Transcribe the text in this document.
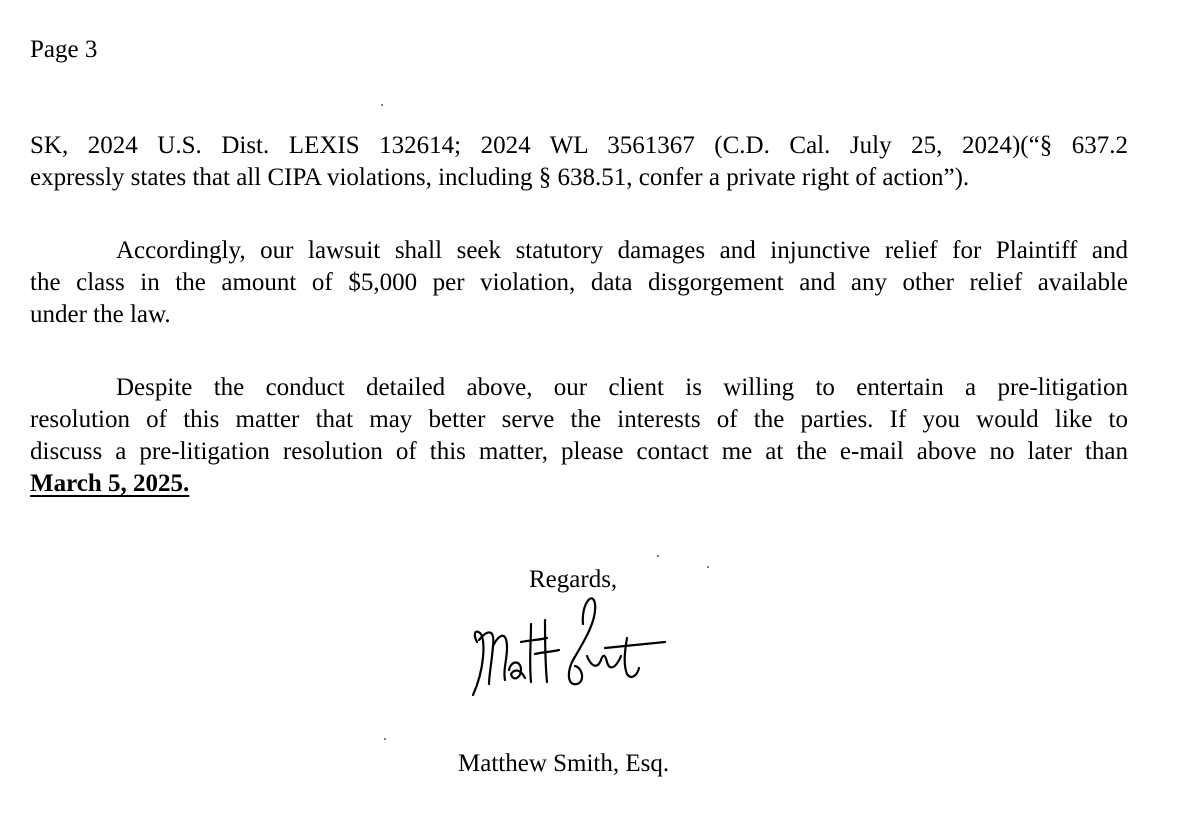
Page 3

SK, 2024 U.S. Dist. LEXIS 132614; 2024 WL 3561367 (C.D. Cal. July 25, 2024)(“§ 637.2
expressly states that all CIPA violations, including § 638.51, confer a private right of action”).

Accordingly, our lawsuit shall seek statutory damages and injunctive relief for Plaintiff and
the class in the amount of $5,000 per violation, data disgorgement and any other relief available
under the law.

Despite the conduct detailed above, our client is willing to entertain a pre-litigation
resolution of this matter that may better serve the interests of the parties. If you would like to
discuss a pre-litigation resolution of this matter, please contact me at the e-mail above no later than
March 5, 2025.

Regards,
Matthew Smith, Esq.
